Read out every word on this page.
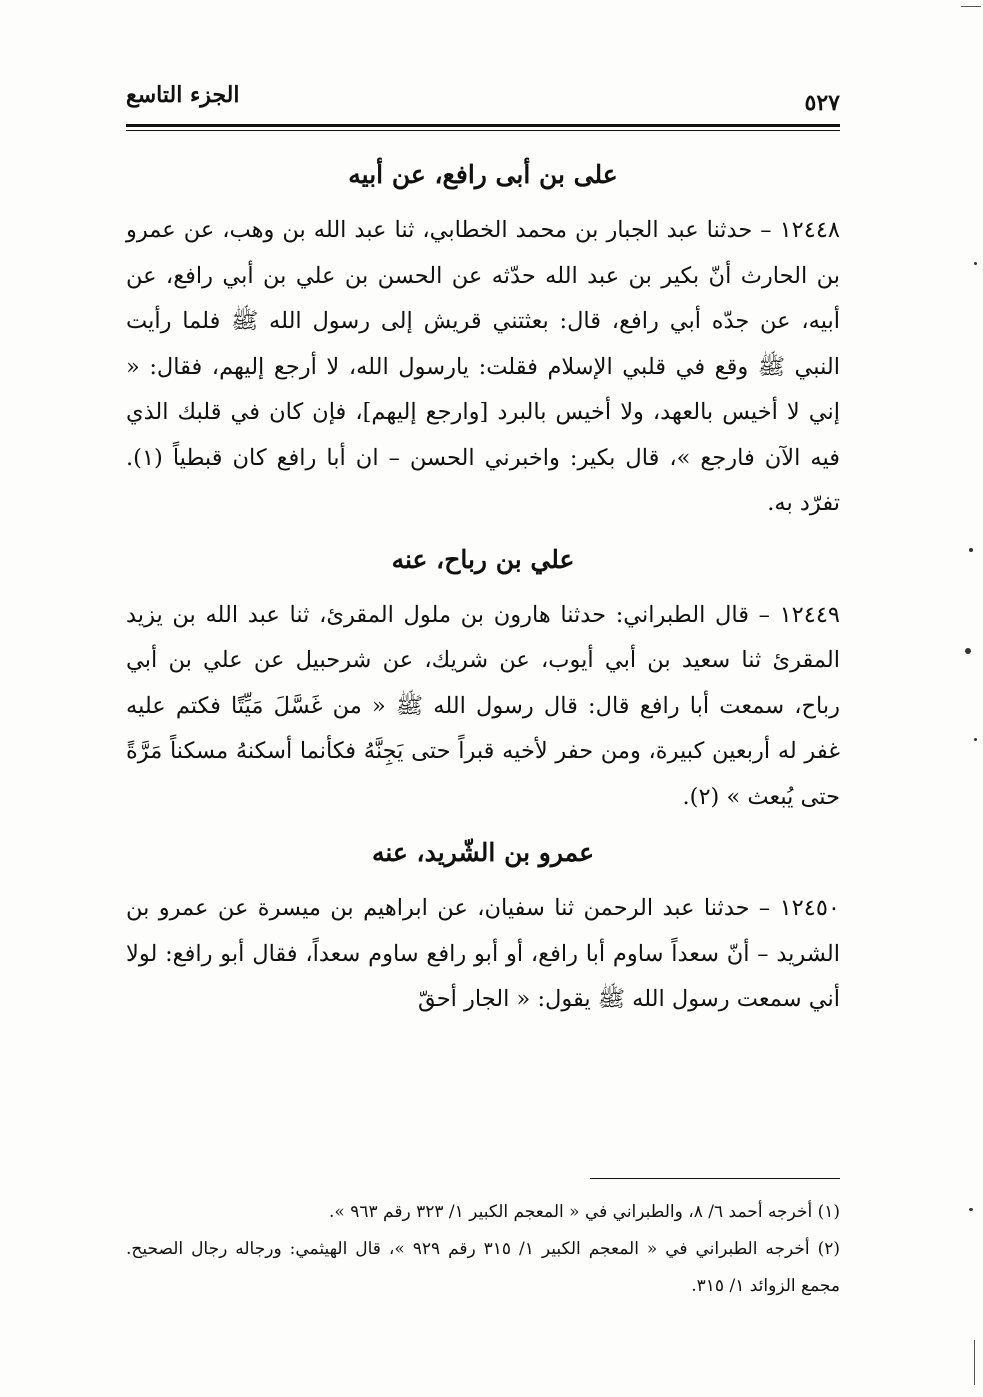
الجزء التاسع	٥٢٧
على بن أبى رافع، عن أبيه

١٢٤٤٨ – حدثنا عبد الجبار بن محمد الخطابي، ثنا عبد الله بن وهب، عن عمرو بن الحارث أنّ بكير بن عبد الله حدّثه عن الحسن بن علي بن أبي رافع، عن أبيه، عن جدّه أبي رافع، قال: بعثتني قريش إلى رسول الله ﷺ فلما رأيت النبي ﷺ وقع في قلبي الإسلام فقلت: يارسول الله، لا أرجع إليهم، فقال: « إني لا أخيس بالعهد، ولا أخيس بالبرد [وارجع إليهم]، فإن كان في قلبك الذي فيه الآن فارجع »، قال بكير: واخبرني الحسن – ان أبا رافع كان قبطياً (١). تفرّد به.

علي بن رباح، عنه

١٢٤٤٩ – قال الطبراني: حدثنا هارون بن ملول المقرئ، ثنا عبد الله بن يزيد المقرئ ثنا سعيد بن أبي أيوب، عن شريك، عن شرحبيل عن علي بن أبي رباح، سمعت أبا رافع قال: قال رسول الله ﷺ « من غَسَّلَ مَيِّتًا فكتم عليه غفر له أربعين كبيرة، ومن حفر لأخيه قبراً حتى يَجِنَّهُ فكأنما أسكنهُ مسكناً مَرَّةً حتى يُبعث » (٢).

عمرو بن الشّريد، عنه

١٢٤٥٠ – حدثنا عبد الرحمن ثنا سفيان، عن ابراهيم بن ميسرة عن عمرو بن الشريد – أنّ سعداً ساوم أبا رافع، أو أبو رافع ساوم سعداً، فقال أبو رافع: لولا أني سمعت رسول الله ﷺ يقول: « الجار أحقّ

(١) أخرجه أحمد ٦/ ٨، والطبراني في « المعجم الكبير ١/ ٣٢٣ رقم ٩٦٣ ».

(٢) أخرجه الطبراني في « المعجم الكبير ١/ ٣١٥ رقم ٩٢٩ »، قال الهيثمي: ورجاله رجال الصحيح. مجمع الزوائد ١/ ٣١٥.
